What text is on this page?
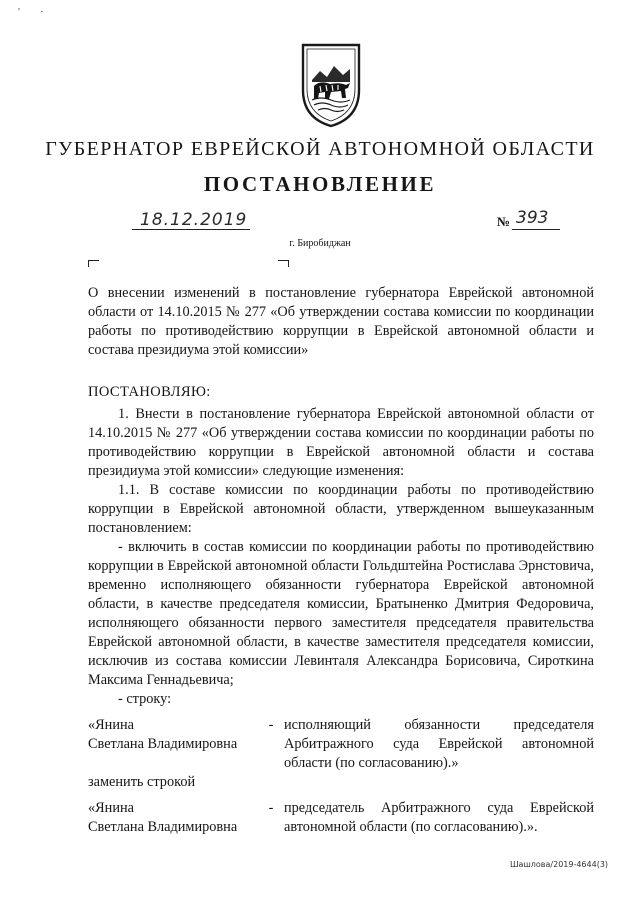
' ·
ГУБЕРНАТОР ЕВРЕЙСКОЙ АВТОНОМНОЙ ОБЛАСТИ
ПОСТАНОВЛЕНИЕ
18.12.2019	№ 393
г. Биробиджан
О внесении изменений в постановление губернатора Еврейской автономной области от 14.10.2015 № 277 «Об утверждении состава комиссии по координации работы по противодействию коррупции в Еврейской автономной области и состава президиума этой комиссии»
ПОСТАНОВЛЯЮ:

1. Внести в постановление губернатора Еврейской автономной области от 14.10.2015 № 277 «Об утверждении состава комиссии по координации работы по противодействию коррупции в Еврейской автономной области и состава президиума этой комиссии» следующие изменения:

1.1. В составе комиссии по координации работы по противодействию коррупции в Еврейской автономной области, утвержденном вышеуказанным постановлением:

- включить в состав комиссии по координации работы по противодействию коррупции в Еврейской автономной области Гольдштейна Ростислава Эрнстовича, временно исполняющего обязанности губернатора Еврейской автономной области, в качестве председателя комиссии, Братыненко Дмитрия Федоровича, исполняющего обязанности первого заместителя председателя правительства Еврейской автономной области, в качестве заместителя председателя комиссии, исключив из состава комиссии Левинталя Александра Борисовича, Сироткина Максима Геннадьевича;

- строку:

«Янина
Светлана Владимировна
- исполняющий обязанности председателя Арбитражного суда Еврейской автономной области (по согласованию).»

заменить строкой

«Янина
Светлана Владимировна
- председатель Арбитражного суда Еврейской автономной области (по согласованию).».
Шашлова/2019-4644(3)
